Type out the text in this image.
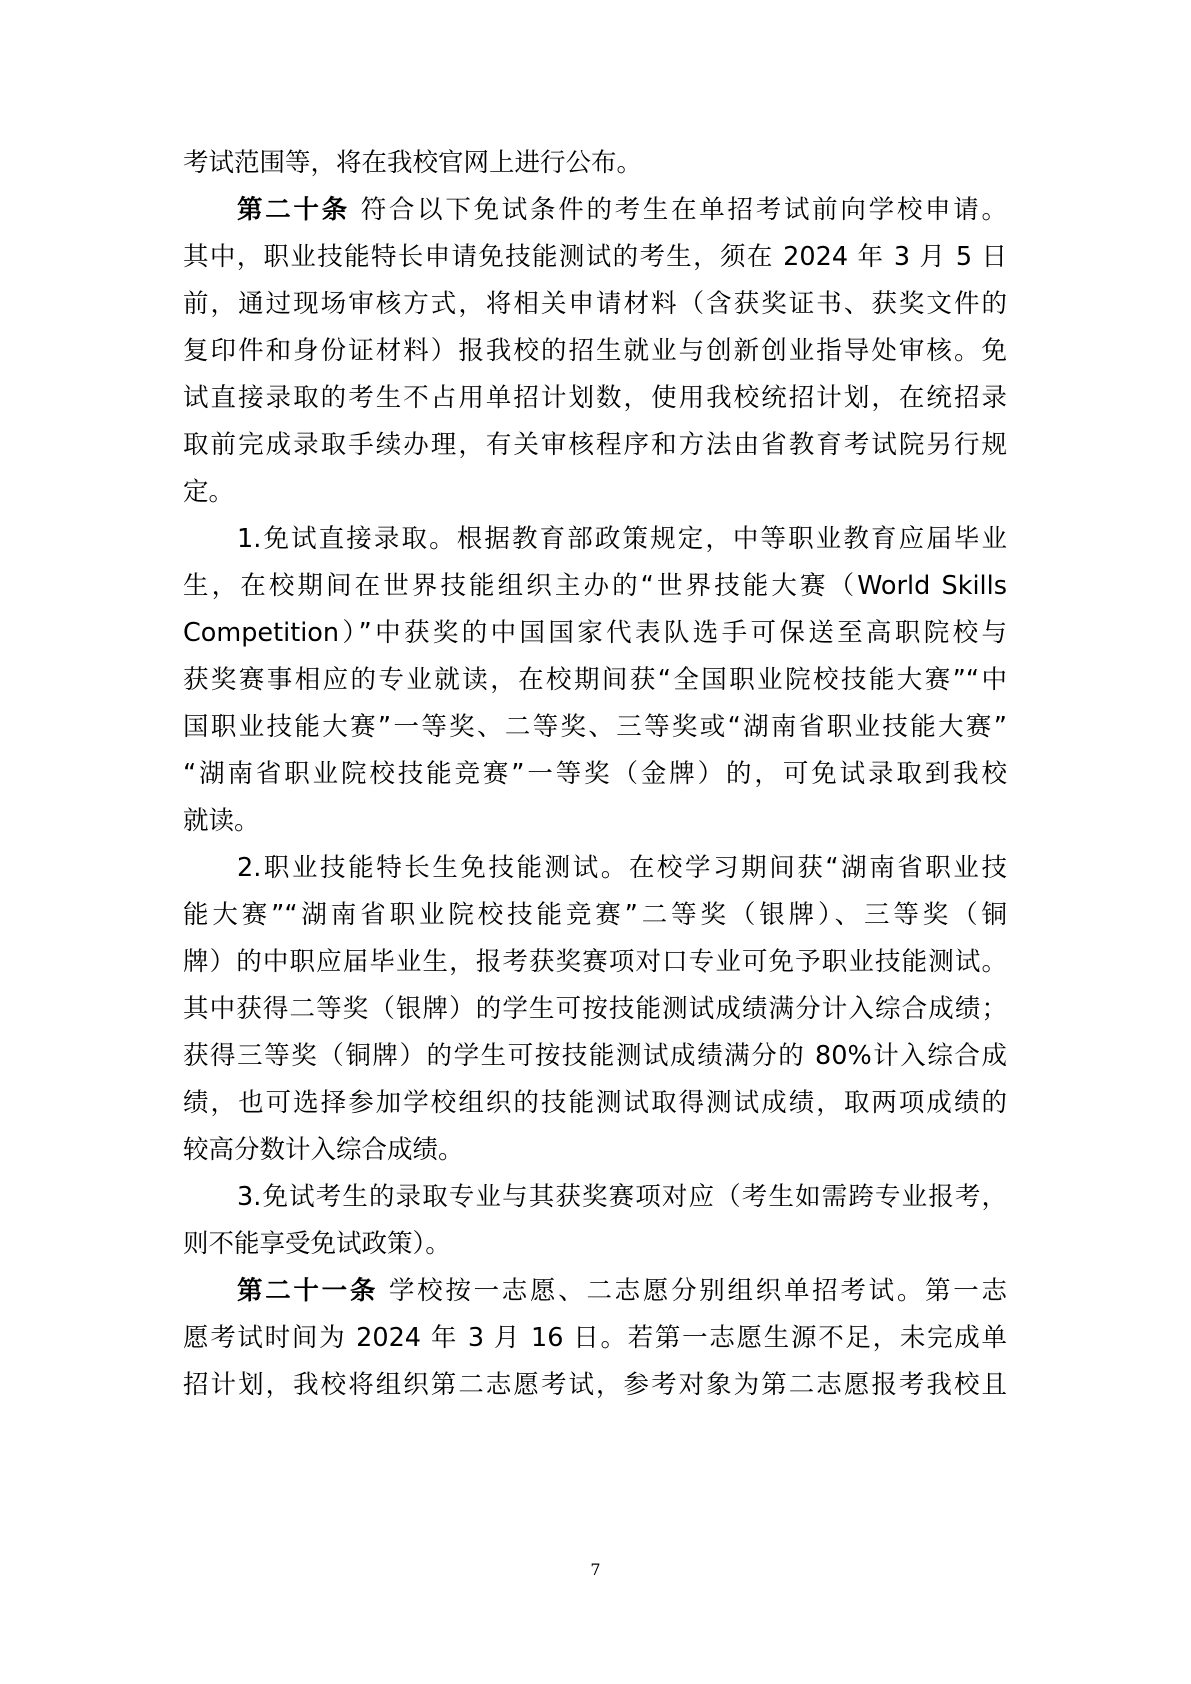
考试范围等，将在我校官网上进行公布。
第二十条 符合以下免试条件的考生在单招考试前向学校申请。
其中，职业技能特长申请免技能测试的考生，须在 2024 年 3 月 5 日
前，通过现场审核方式，将相关申请材料（含获奖证书、获奖文件的
复印件和身份证材料）报我校的招生就业与创新创业指导处审核。免
试直接录取的考生不占用单招计划数，使用我校统招计划，在统招录
取前完成录取手续办理，有关审核程序和方法由省教育考试院另行规
定。
1.免试直接录取。根据教育部政策规定，中等职业教育应届毕业
生，在校期间在世界技能组织主办的“世界技能大赛（World Skills
Competition）”中获奖的中国国家代表队选手可保送至高职院校与
获奖赛事相应的专业就读，在校期间获“全国职业院校技能大赛”“中
国职业技能大赛”一等奖、二等奖、三等奖或“湖南省职业技能大赛”
“湖南省职业院校技能竞赛”一等奖（金牌）的，可免试录取到我校
就读。
2.职业技能特长生免技能测试。在校学习期间获“湖南省职业技
能大赛”“湖南省职业院校技能竞赛”二等奖（银牌）、三等奖（铜
牌）的中职应届毕业生，报考获奖赛项对口专业可免予职业技能测试。
其中获得二等奖（银牌）的学生可按技能测试成绩满分计入综合成绩；
获得三等奖（铜牌）的学生可按技能测试成绩满分的 80%计入综合成
绩，也可选择参加学校组织的技能测试取得测试成绩，取两项成绩的
较高分数计入综合成绩。
3.免试考生的录取专业与其获奖赛项对应（考生如需跨专业报考，
则不能享受免试政策）。
第二十一条 学校按一志愿、二志愿分别组织单招考试。第一志
愿考试时间为 2024 年 3 月 16 日。若第一志愿生源不足，未完成单
招计划，我校将组织第二志愿考试，参考对象为第二志愿报考我校且
7
